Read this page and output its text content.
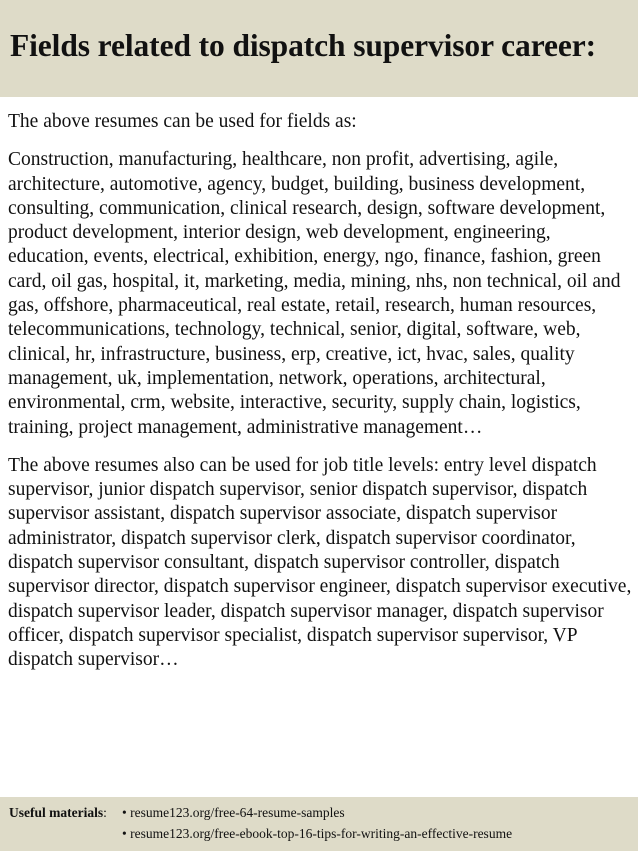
Fields related to dispatch supervisor career:

The above resumes can be used for fields as:

Construction, manufacturing, healthcare, non profit, advertising, agile, architecture, automotive, agency, budget, building, business development, consulting, communication, clinical research, design, software development, product development, interior design, web development, engineering, education, events, electrical, exhibition, energy, ngo, finance, fashion, green card, oil gas, hospital, it, marketing, media, mining, nhs, non technical, oil and gas, offshore, pharmaceutical, real estate, retail, research, human resources, telecommunications, technology, technical, senior, digital, software, web, clinical, hr, infrastructure, business, erp, creative, ict, hvac, sales, quality management, uk, implementation, network, operations, architectural, environmental, crm, website, interactive, security, supply chain, logistics, training, project management, administrative management…

The above resumes also can be used for job title levels: entry level dispatch supervisor, junior dispatch supervisor, senior dispatch supervisor, dispatch supervisor assistant, dispatch supervisor associate, dispatch supervisor administrator, dispatch supervisor clerk, dispatch supervisor coordinator, dispatch supervisor consultant, dispatch supervisor controller, dispatch supervisor director, dispatch supervisor engineer, dispatch supervisor executive, dispatch supervisor leader, dispatch supervisor manager, dispatch supervisor officer, dispatch supervisor specialist, dispatch supervisor supervisor, VP dispatch supervisor…

Useful materials:	• resume123.org/free-64-resume-samples
• resume123.org/free-ebook-top-16-tips-for-writing-an-effective-resume
